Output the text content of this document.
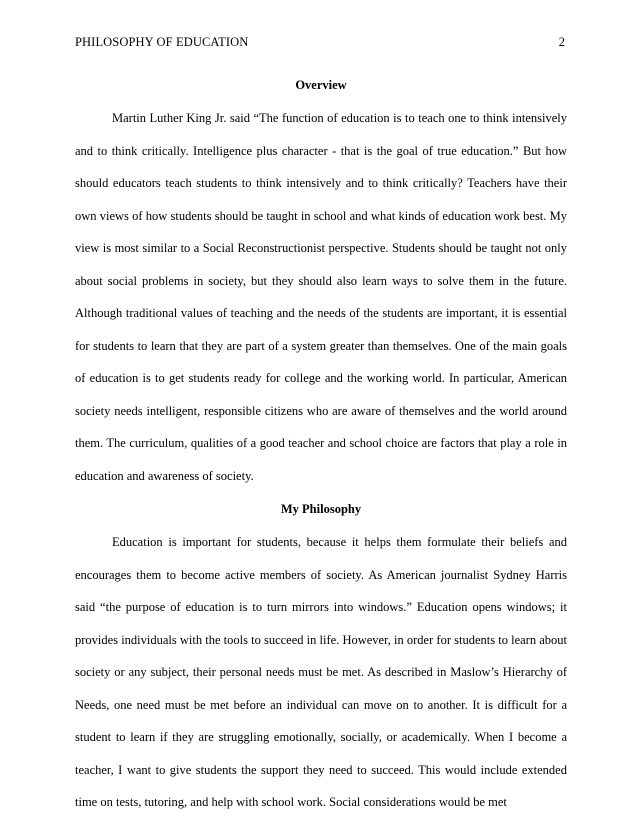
PHILOSOPHY OF EDUCATION	2
Overview

Martin Luther King Jr. said “The function of education is to teach one to think intensively and to think critically. Intelligence plus character - that is the goal of true education.” But how should educators teach students to think intensively and to think critically? Teachers have their own views of how students should be taught in school and what kinds of education work best. My view is most similar to a Social Reconstructionist perspective. Students should be taught not only about social problems in society, but they should also learn ways to solve them in the future. Although traditional values of teaching and the needs of the students are important, it is essential for students to learn that they are part of a system greater than themselves. One of the main goals of education is to get students ready for college and the working world. In particular, American society needs intelligent, responsible citizens who are aware of themselves and the world around them. The curriculum, qualities of a good teacher and school choice are factors that play a role in education and awareness of society.

My Philosophy

Education is important for students, because it helps them formulate their beliefs and encourages them to become active members of society. As American journalist Sydney Harris said “the purpose of education is to turn mirrors into windows.” Education opens windows; it provides individuals with the tools to succeed in life. However, in order for students to learn about society or any subject, their personal needs must be met. As described in Maslow’s Hierarchy of Needs, one need must be met before an individual can move on to another. It is difficult for a student to learn if they are struggling emotionally, socially, or academically. When I become a teacher, I want to give students the support they need to succeed. This would include extended time on tests, tutoring, and help with school work. Social considerations would be met
